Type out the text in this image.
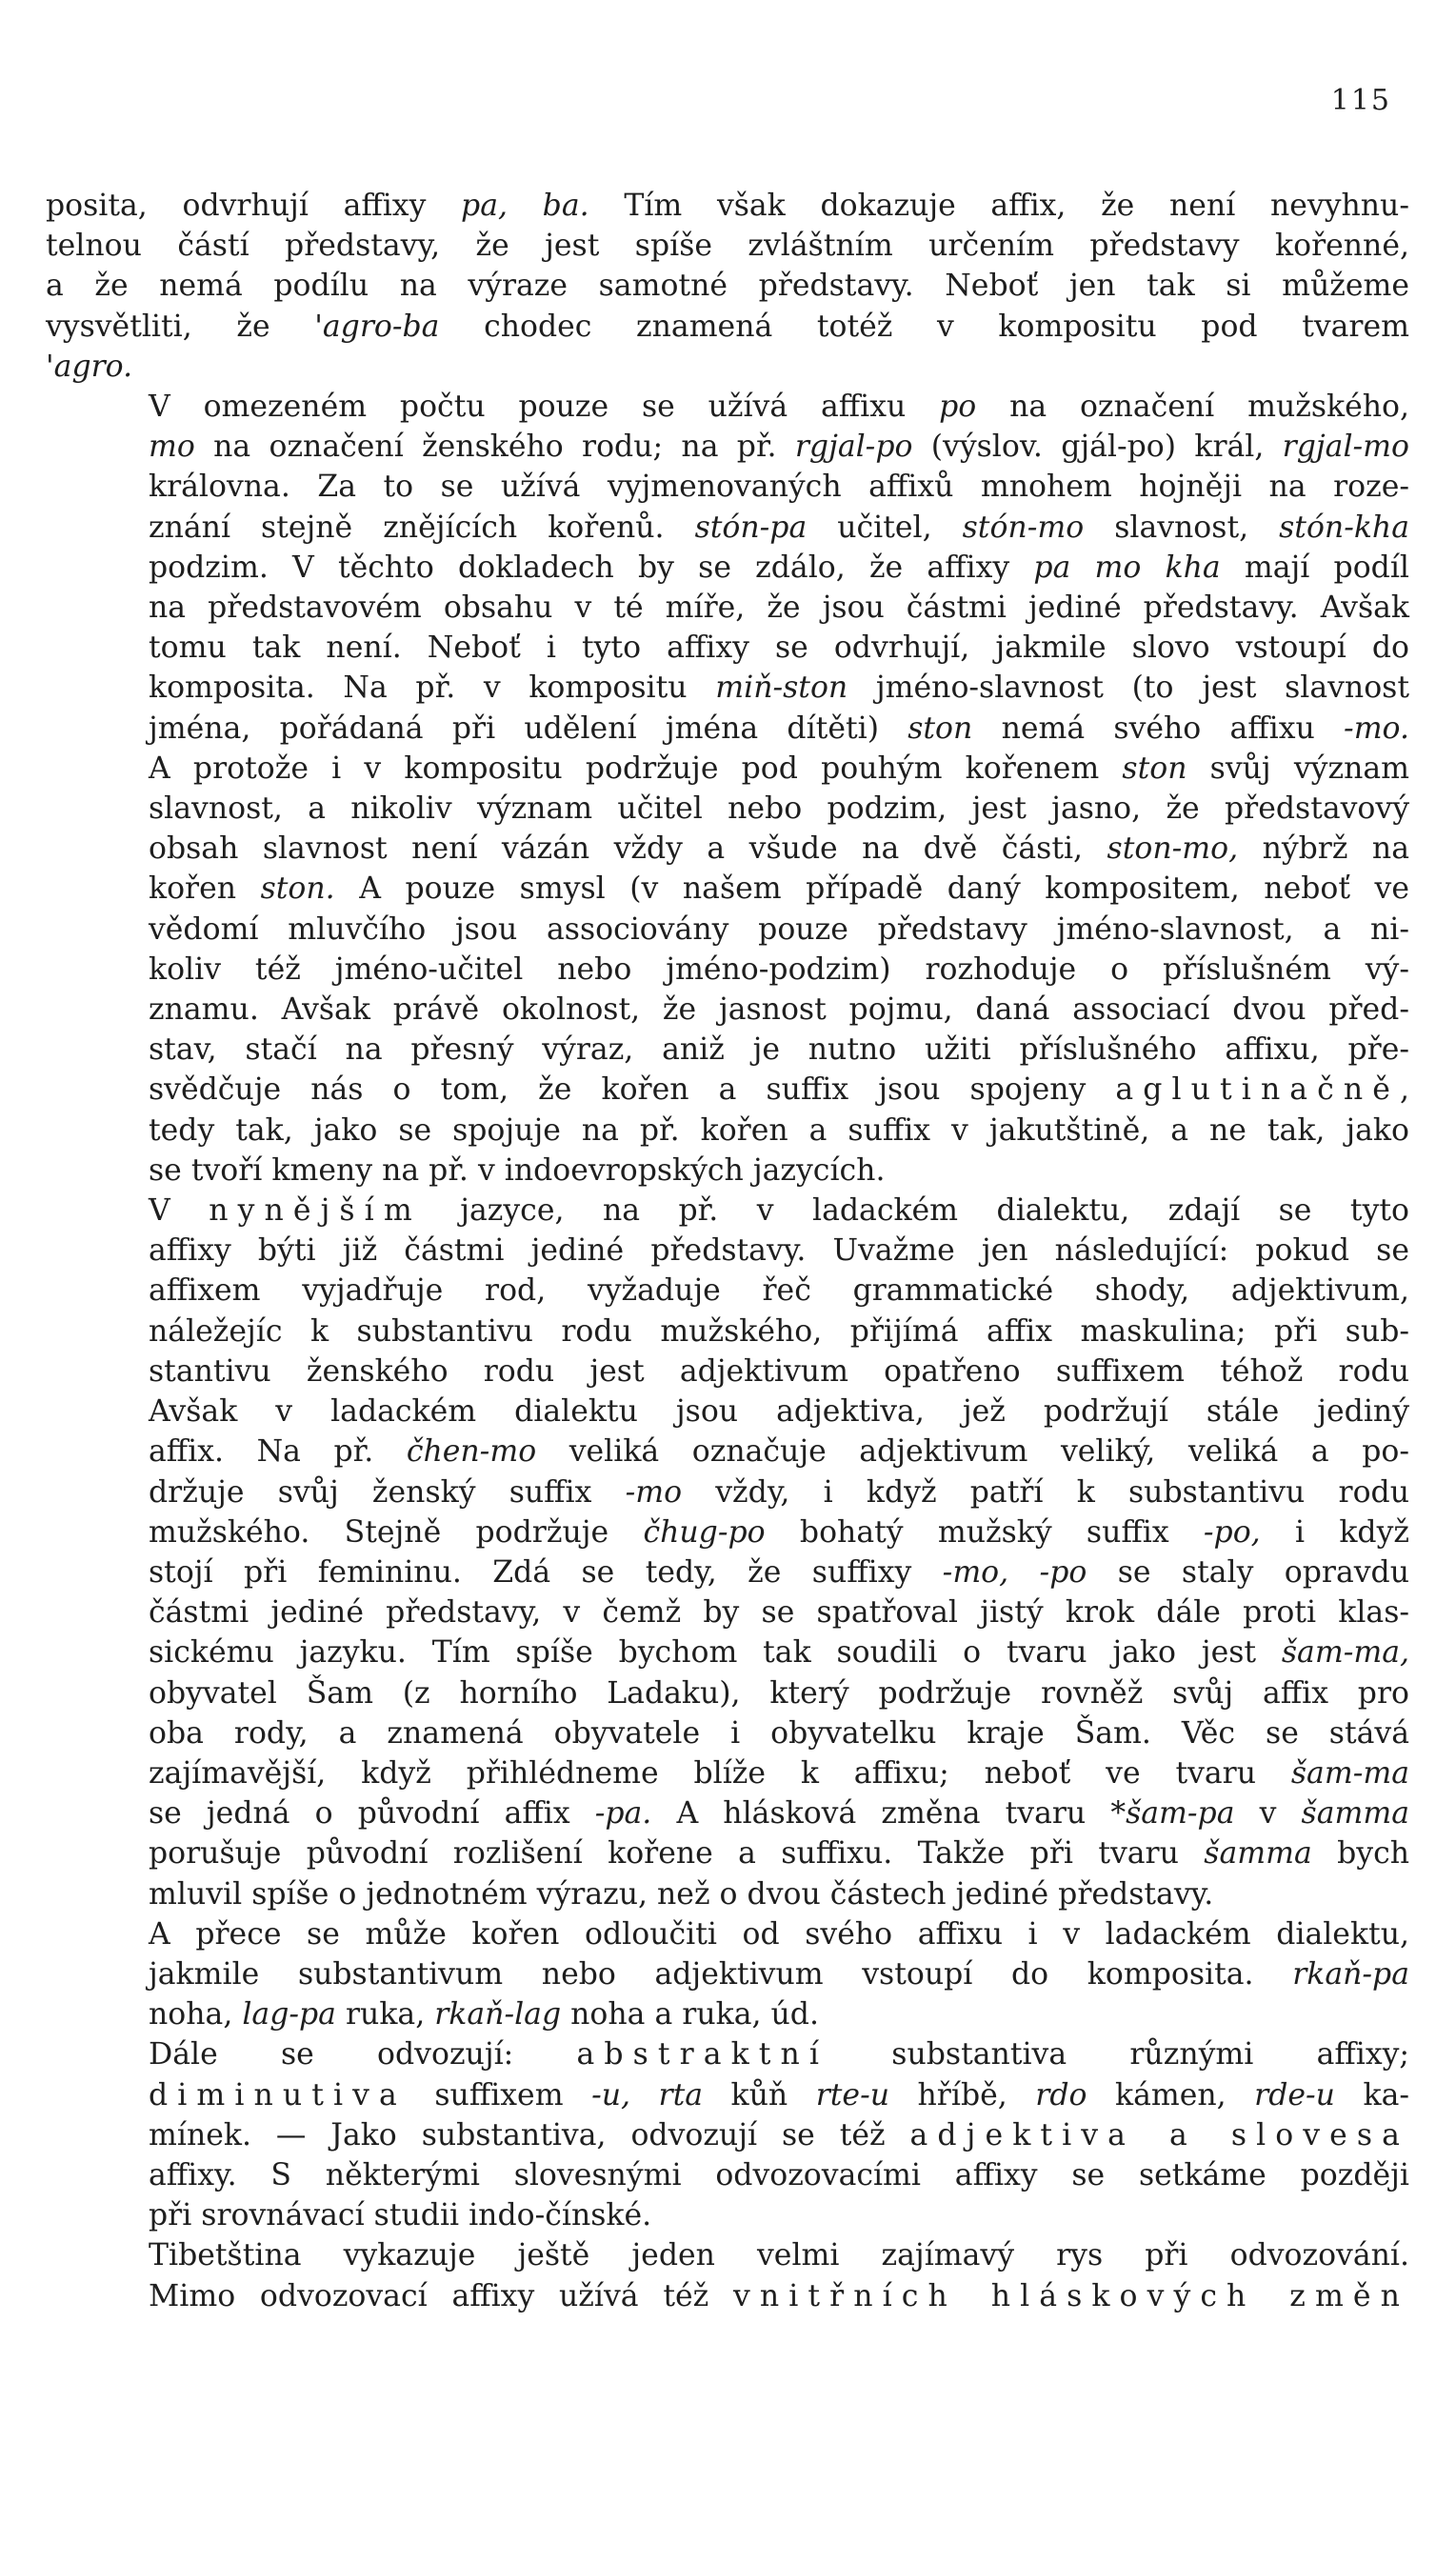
115
posita, odvrhují affixy pa, ba. Tím však dokazuje affix, že není nevyhnu-
telnou částí představy, že jest spíše zvláštním určením představy kořenné,
a že nemá podílu na výraze samotné představy. Neboť jen tak si můžeme
vysvětliti, že 'agro-ba chodec znamená totéž v kompositu pod tvarem
'agro.
V omezeném počtu pouze se užívá affixu po na označení mužského,
mo na označení ženského rodu; na př. rgjal-po (výslov. gjál-po) král, rgjal-mo
královna. Za to se užívá vyjmenovaných affixů mnohem hojněji na roze-
znání stejně znějících kořenů. stón-pa učitel, stón-mo slavnost, stón-kha
podzim. V těchto dokladech by se zdálo, že affixy pa mo kha mají podíl
na představovém obsahu v té míře, že jsou částmi jediné představy. Avšak
tomu tak není. Neboť i tyto affixy se odvrhují, jakmile slovo vstoupí do
komposita. Na př. v kompositu miň-ston jméno-slavnost (to jest slavnost
jména, pořádaná při udělení jména dítěti) ston nemá svého affixu -mo.
A protože i v kompositu podržuje pod pouhým kořenem ston svůj význam
slavnost, a nikoliv význam učitel nebo podzim, jest jasno, že představový
obsah slavnost není vázán vždy a všude na dvě části, ston-mo, nýbrž na
kořen ston. A pouze smysl (v našem případě daný kompositem, neboť ve
vědomí mluvčího jsou associovány pouze představy jméno-slavnost, a ni-
koliv též jméno-učitel nebo jméno-podzim) rozhoduje o příslušném vý-
znamu. Avšak právě okolnost, že jasnost pojmu, daná associací dvou před-
stav, stačí na přesný výraz, aniž je nutno užiti příslušného affixu, pře-
svědčuje nás o tom, že kořen a suffix jsou spojeny aglutinačně,
tedy tak, jako se spojuje na př. kořen a suffix v jakutštině, a ne tak, jako
se tvoří kmeny na př. v indoevropských jazycích.
V nynějším jazyce, na př. v ladackém dialektu, zdají se tyto
affixy býti již částmi jediné představy. Uvažme jen následující: pokud se
affixem vyjadřuje rod, vyžaduje řeč grammatické shody, adjektivum,
náležejíc k substantivu rodu mužského, přijímá affix maskulina; při sub-
stantivu ženského rodu jest adjektivum opatřeno suffixem téhož rodu
Avšak v ladackém dialektu jsou adjektiva, jež podržují stále jediný
affix. Na př. čhen-mo veliká označuje adjektivum veliký, veliká a po-
držuje svůj ženský suffix -mo vždy, i když patří k substantivu rodu
mužského. Stejně podržuje čhug-po bohatý mužský suffix -po, i když
stojí při femininu. Zdá se tedy, že suffixy -mo, -po se staly opravdu
částmi jediné představy, v čemž by se spatřoval jistý krok dále proti klas-
sickému jazyku. Tím spíše bychom tak soudili o tvaru jako jest šam-ma,
obyvatel Šam (z horního Ladaku), který podržuje rovněž svůj affix pro
oba rody, a znamená obyvatele i obyvatelku kraje Šam. Věc se stává
zajímavější, když přihlédneme blíže k affixu; neboť ve tvaru šam-ma
se jedná o původní affix -pa. A hlásková změna tvaru *šam-pa v šamma
porušuje původní rozlišení kořene a suffixu. Takže při tvaru šamma bych
mluvil spíše o jednotném výrazu, než o dvou částech jediné představy.
A přece se může kořen odloučiti od svého affixu i v ladackém dialektu,
jakmile substantivum nebo adjektivum vstoupí do komposita. rkaň-pa
noha, lag-pa ruka, rkaň-lag noha a ruka, úd.
Dále se odvozují: abstraktní substantiva různými affixy;
diminutiva suffixem -u, rta kůň rte-u hříbě, rdo kámen, rde-u ka-
mínek. — Jako substantiva, odvozují se též adjektiva a slovesa
affixy. S některými slovesnými odvozovacími affixy se setkáme později
při srovnávací studii indo-čínské.
Tibetština vykazuje ještě jeden velmi zajímavý rys při odvozování.
Mimo odvozovací affixy užívá též vnitřních hláskových změn
